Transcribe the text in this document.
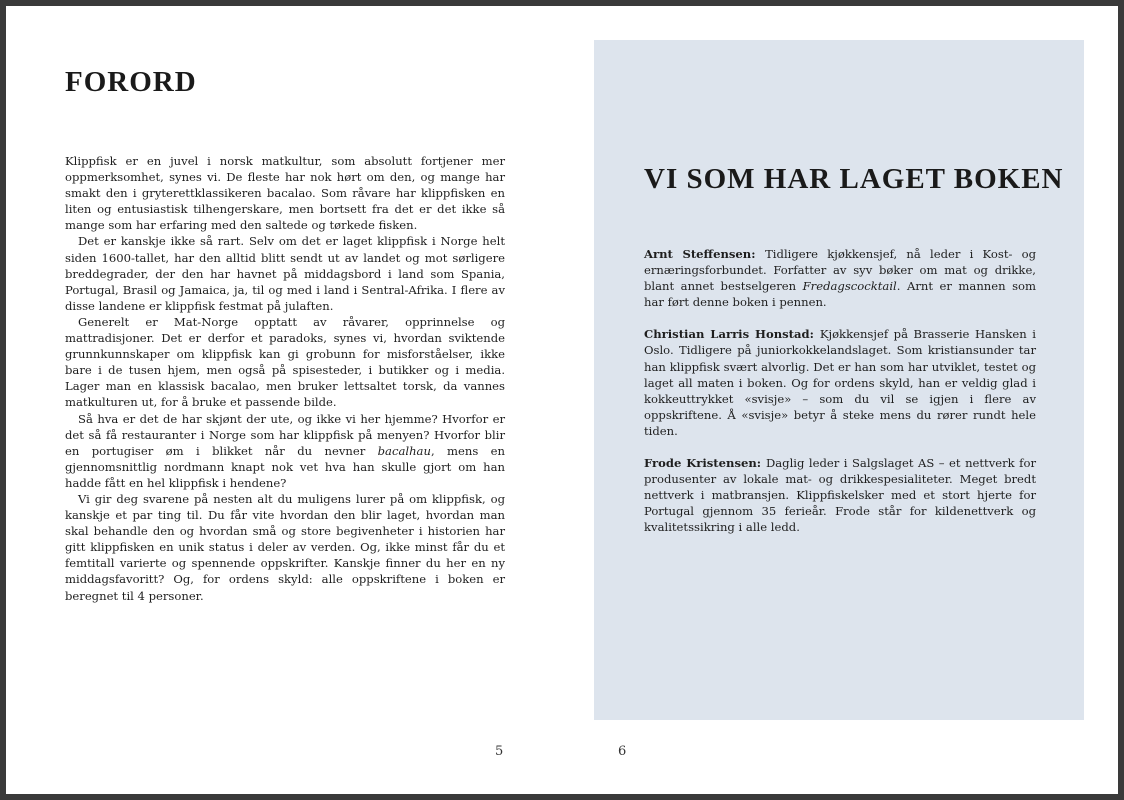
FORORD

Klippfisk er en juvel i norsk matkultur, som absolutt fortjener mer oppmerksomhet, synes vi. De fleste har nok hørt om den, og mange har smakt den i gryterettklassikeren bacalao. Som råvare har klippfisken en liten og entusiastisk tilhengerskare, men bortsett fra det er det ikke så mange som har erfaring med den saltede og tørkede fisken.

Det er kanskje ikke så rart. Selv om det er laget klippfisk i Norge helt siden 1600-tallet, har den alltid blitt sendt ut av landet og mot sørligere breddegrader, der den har havnet på middagsbord i land som Spania, Portugal, Brasil og Jamaica, ja, til og med i land i Sentral-Afrika. I flere av disse landene er klippfisk festmat på julaften.

Generelt er Mat-Norge opptatt av råvarer, opprinnelse og mattradisjoner. Det er derfor et paradoks, synes vi, hvordan sviktende grunnkunnskaper om klippfisk kan gi grobunn for misforståelser, ikke bare i de tusen hjem, men også på spisesteder, i butikker og i media. Lager man en klassisk bacalao, men bruker lettsaltet torsk, da vannes matkulturen ut, for å bruke et passende bilde.

Så hva er det de har skjønt der ute, og ikke vi her hjemme? Hvorfor er det så få restauranter i Norge som har klippfisk på menyen? Hvorfor blir en portugiser øm i blikket når du nevner bacalhau, mens en gjennomsnittlig nordmann knapt nok vet hva han skulle gjort om han hadde fått en hel klippfisk i hendene?

Vi gir deg svarene på nesten alt du muligens lurer på om klippfisk, og kanskje et par ting til. Du får vite hvordan den blir laget, hvordan man skal behandle den og hvordan små og store begivenheter i historien har gitt klippfisken en unik status i deler av verden. Og, ikke minst får du et femtitall varierte og spennende oppskrifter. Kanskje finner du her en ny middagsfavoritt? Og, for ordens skyld: alle oppskriftene i boken er beregnet til 4 personer.

5
VI SOM HAR LAGET BOKEN

Arnt Steffensen: Tidligere kjøkkensjef, nå leder i Kost- og ernæringsforbundet. Forfatter av syv bøker om mat og drikke, blant annet bestselgeren Fredagscocktail. Arnt er mannen som har ført denne boken i pennen.

Christian Larris Honstad: Kjøkkensjef på Brasserie Hansken i Oslo. Tidligere på juniorkokkelandslaget. Som kristiansunder tar han klippfisk svært alvorlig. Det er han som har utviklet, testet og laget all maten i boken. Og for ordens skyld, han er veldig glad i kokkeuttrykket «svisje» – som du vil se igjen i flere av oppskriftene. Å «svisje» betyr å steke mens du rører rundt hele tiden.

Frode Kristensen: Daglig leder i Salgslaget AS – et nettverk for produsenter av lokale mat- og drikkespesialiteter. Meget bredt nettverk i matbransjen. Klippfiskelsker med et stort hjerte for Portugal gjennom 35 ferieår. Frode står for kildenettverk og kvalitetssikring i alle ledd.

6
